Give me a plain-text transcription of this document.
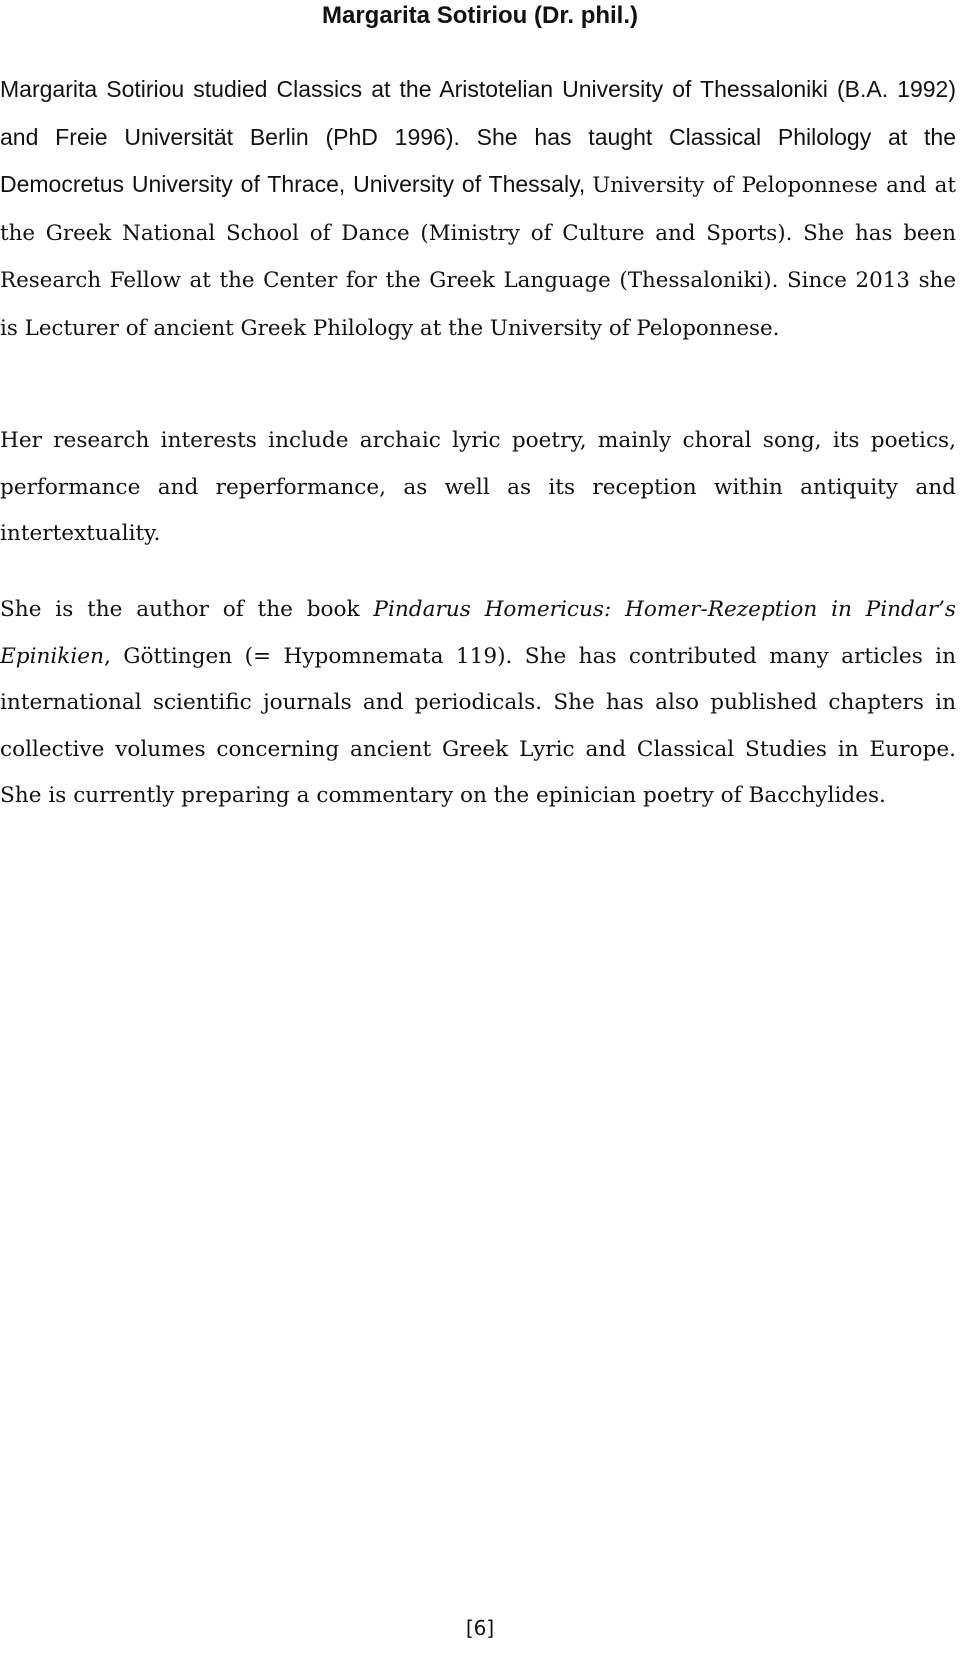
Margarita Sotiriou (Dr. phil.)

Margarita Sotiriou studied Classics at the Aristotelian University of Thessaloniki (B.A. 1992) and Freie Universität Berlin (PhD 1996). She has taught Classical Philology at the Democretus University of Thrace, University of Thessaly, University of Peloponnese and at the Greek National School of Dance (Ministry of Culture and Sports). She has been Research Fellow at the Center for the Greek Language (Thessaloniki). Since 2013 she is Lecturer of ancient Greek Philology at the University of Peloponnese.

Her research interests include archaic lyric poetry, mainly choral song, its poetics, performance and reperformance, as well as its reception within antiquity and intertextuality.

She is the author of the book Pindarus Homericus: Homer-Rezeption in Pindar’s Epinikien, Göttingen (= Hypomnemata 119). She has contributed many articles in international scientific journals and periodicals. She has also published chapters in collective volumes concerning ancient Greek Lyric and Classical Studies in Europe. She is currently preparing a commentary on the epinician poetry of Bacchylides.

[6]
